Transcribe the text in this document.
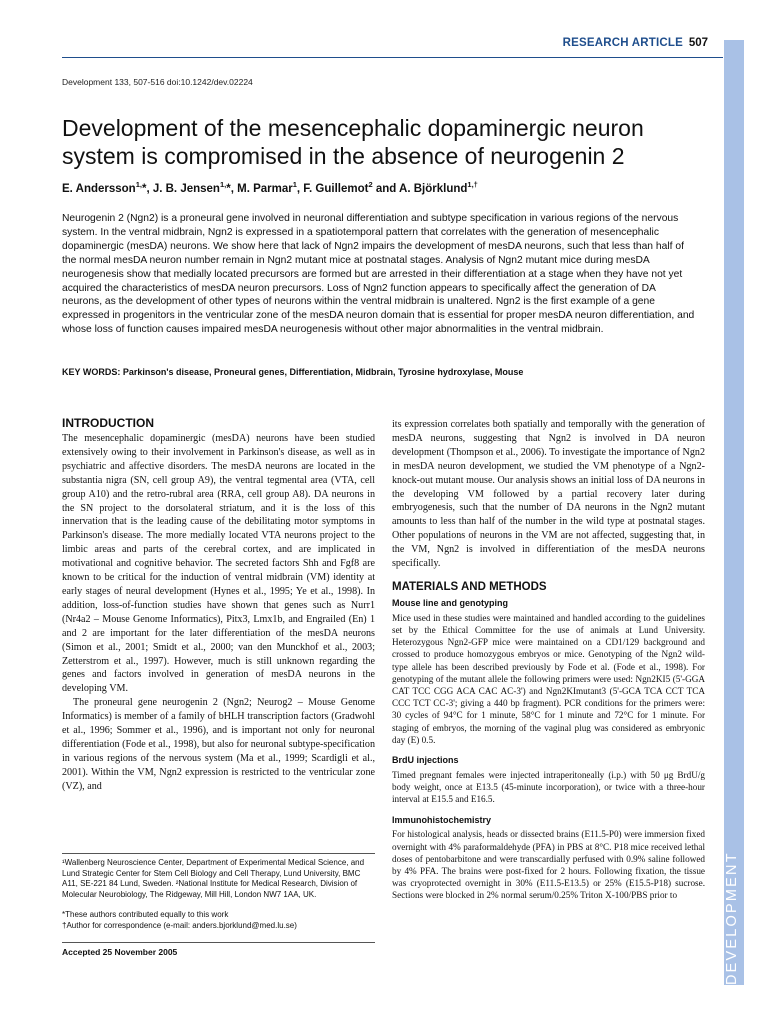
RESEARCH ARTICLE 507
Development 133, 507-516 doi:10.1242/dev.02224
Development of the mesencephalic dopaminergic neuron system is compromised in the absence of neurogenin 2
E. Andersson$^{1,}$*, J. B. Jensen$^{1,}$*, M. Parmar$^1$, F. Guillemot$^2$ and A. Björklund$^{1,\dagger}$
Neurogenin 2 (Ngn2) is a proneural gene involved in neuronal differentiation and subtype specification in various regions of the nervous system. In the ventral midbrain, Ngn2 is expressed in a spatiotemporal pattern that correlates with the generation of mesencephalic dopaminergic (mesDA) neurons. We show here that lack of Ngn2 impairs the development of mesDA neurons, such that less than half of the normal mesDA neuron number remain in Ngn2 mutant mice at postnatal stages. Analysis of Ngn2 mutant mice during mesDA neurogenesis show that medially located precursors are formed but are arrested in their differentiation at a stage when they have not yet acquired the characteristics of mesDA neuron precursors. Loss of Ngn2 function appears to specifically affect the generation of DA neurons, as the development of other types of neurons within the ventral midbrain is unaltered. Ngn2 is the first example of a gene expressed in progenitors in the ventricular zone of the mesDA neuron domain that is essential for proper mesDA neuron differentiation, and whose loss of function causes impaired mesDA neurogenesis without other major abnormalities in the ventral midbrain.
KEY WORDS: Parkinson's disease, Proneural genes, Differentiation, Midbrain, Tyrosine hydroxylase, Mouse
INTRODUCTION

The mesencephalic dopaminergic (mesDA) neurons have been studied extensively owing to their involvement in Parkinson's disease, as well as in psychiatric and affective disorders. The mesDA neurons are located in the substantia nigra (SN, cell group A9), the ventral tegmental area (VTA, cell group A10) and the retro-rubral area (RRA, cell group A8). DA neurons in the SN project to the dorsolateral striatum, and it is the loss of this innervation that is the leading cause of the debilitating motor symptoms in Parkinson's disease. The more medially located VTA neurons project to the limbic areas and parts of the cerebral cortex, and are implicated in motivational and cognitive behavior. The secreted factors Shh and Fgf8 are known to be critical for the induction of ventral midbrain (VM) identity at early stages of neural development (Hynes et al., 1995; Ye et al., 1998). In addition, loss-of-function studies have shown that genes such as Nurr1 (Nr4a2 – Mouse Genome Informatics), Pitx3, Lmx1b, and Engrailed (En) 1 and 2 are important for the later differentiation of the mesDA neurons (Simon et al., 2001; Smidt et al., 2000; van den Munckhof et al., 2003; Zetterstrom et al., 1997). However, much is still unknown regarding the genes and factors involved in generation of mesDA neurons in the developing VM.

The proneural gene neurogenin 2 (Ngn2; Neurog2 – Mouse Genome Informatics) is member of a family of bHLH transcription factors (Gradwohl et al., 1996; Sommer et al., 1996), and is important not only for neuronal differentiation (Fode et al., 1998), but also for neuronal subtype-specification in various regions of the nervous system (Ma et al., 1999; Scardigli et al., 2001). Within the VM, Ngn2 expression is restricted to the ventricular zone (VZ), and

¹Wallenberg Neuroscience Center, Department of Experimental Medical Science, and Lund Strategic Center for Stem Cell Biology and Cell Therapy, Lund University, BMC A11, SE-221 84 Lund, Sweden. ²National Institute for Medical Research, Division of Molecular Neurobiology, The Ridgeway, Mill Hill, London NW7 1AA, UK.
*These authors contributed equally to this work
†Author for correspondence (e-mail: anders.bjorklund@med.lu.se)
Accepted 25 November 2005

its expression correlates both spatially and temporally with the generation of mesDA neurons, suggesting that Ngn2 is involved in DA neuron development (Thompson et al., 2006). To investigate the importance of Ngn2 in mesDA neuron development, we studied the VM phenotype of a Ngn2-knock-out mutant mouse. Our analysis shows an initial loss of DA neurons in the developing VM followed by a partial recovery later during embryogenesis, such that the number of DA neurons in the Ngn2 mutant amounts to less than half of the number in the wild type at postnatal stages. Other populations of neurons in the VM are not affected, suggesting that, in the VM, Ngn2 is involved in differentiation of the mesDA neurons specifically.

MATERIALS AND METHODS

Mouse line and genotyping

Mice used in these studies were maintained and handled according to the guidelines set by the Ethical Committee for the use of animals at Lund University. Heterozygous Ngn2-GFP mice were maintained on a CD1/129 background and crossed to produce homozygous embryos or mice. Genotyping of the Ngn2 wild-type allele has been described previously by Fode et al. (Fode et al., 1998). For genotyping of the mutant allele the following primers were used: Ngn2KI5 (5'-GGA CAT TCC CGG ACA CAC AC-3') and Ngn2KImutant3 (5'-GCA TCA CCT TCA CCC TCT CC-3'; giving a 440 bp fragment). PCR conditions for the primers were: 30 cycles of 94°C for 1 minute, 58°C for 1 minute and 72°C for 1 minute. For staging of embryos, the morning of the vaginal plug was considered as embryonic day (E) 0.5.

BrdU injections

Timed pregnant females were injected intraperitoneally (i.p.) with 50 μg BrdU/g body weight, once at E13.5 (45-minute incorporation), or twice with a three-hour interval at E15.5 and E16.5.

Immunohistochemistry

For histological analysis, heads or dissected brains (E11.5-P0) were immersion fixed overnight with 4% paraformaldehyde (PFA) in PBS at 8°C. P18 mice received lethal doses of pentobarbitone and were transcardially perfused with 0.9% saline followed by 4% PFA. The brains were post-fixed for 2 hours. Following fixation, the tissue was cryoprotected overnight in 30% (E11.5-E13.5) or 25% (E15.5-P18) sucrose. Sections were blocked in 2% normal serum/0.25% Triton X-100/PBS prior to	DEVELOPMENT
